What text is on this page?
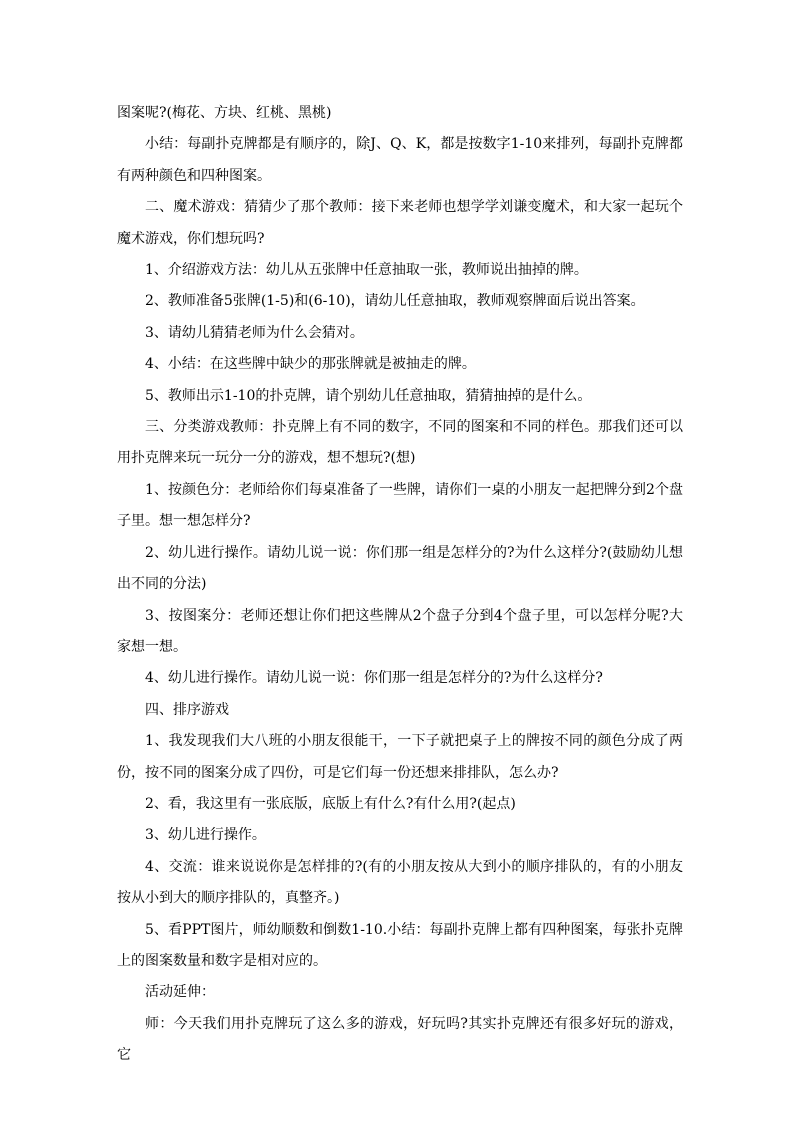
图案呢?(梅花、方块、红桃、黑桃)

小结：每副扑克牌都是有顺序的，除J、Q、K，都是按数字1-10来排列，每副扑克牌都有两种颜色和四种图案。

二、魔术游戏：猜猜少了那个教师：接下来老师也想学学刘谦变魔术，和大家一起玩个魔术游戏，你们想玩吗?

1、介绍游戏方法：幼儿从五张牌中任意抽取一张，教师说出抽掉的牌。

2、教师准备5张牌(1-5)和(6-10)，请幼儿任意抽取，教师观察牌面后说出答案。

3、请幼儿猜猜老师为什么会猜对。

4、小结：在这些牌中缺少的那张牌就是被抽走的牌。

5、教师出示1-10的扑克牌，请个别幼儿任意抽取，猜猜抽掉的是什么。

三、分类游戏教师：扑克牌上有不同的数字，不同的图案和不同的样色。那我们还可以用扑克牌来玩一玩分一分的游戏，想不想玩?(想)

1、按颜色分：老师给你们每桌准备了一些牌，请你们一桌的小朋友一起把牌分到2个盘子里。想一想怎样分?

2、幼儿进行操作。请幼儿说一说：你们那一组是怎样分的?为什么这样分?(鼓励幼儿想出不同的分法)

3、按图案分：老师还想让你们把这些牌从2个盘子分到4个盘子里，可以怎样分呢?大家想一想。

4、幼儿进行操作。请幼儿说一说：你们那一组是怎样分的?为什么这样分?

四、排序游戏

1、我发现我们大八班的小朋友很能干，一下子就把桌子上的牌按不同的颜色分成了两份，按不同的图案分成了四份，可是它们每一份还想来排排队，怎么办?

2、看，我这里有一张底版，底版上有什么?有什么用?(起点)

3、幼儿进行操作。

4、交流：谁来说说你是怎样排的?(有的小朋友按从大到小的顺序排队的，有的小朋友按从小到大的顺序排队的，真整齐。)

5、看PPT图片，师幼顺数和倒数1-10.小结：每副扑克牌上都有四种图案，每张扑克牌上的图案数量和数字是相对应的。

活动延伸：

师：今天我们用扑克牌玩了这么多的游戏，好玩吗?其实扑克牌还有很多好玩的游戏，它
